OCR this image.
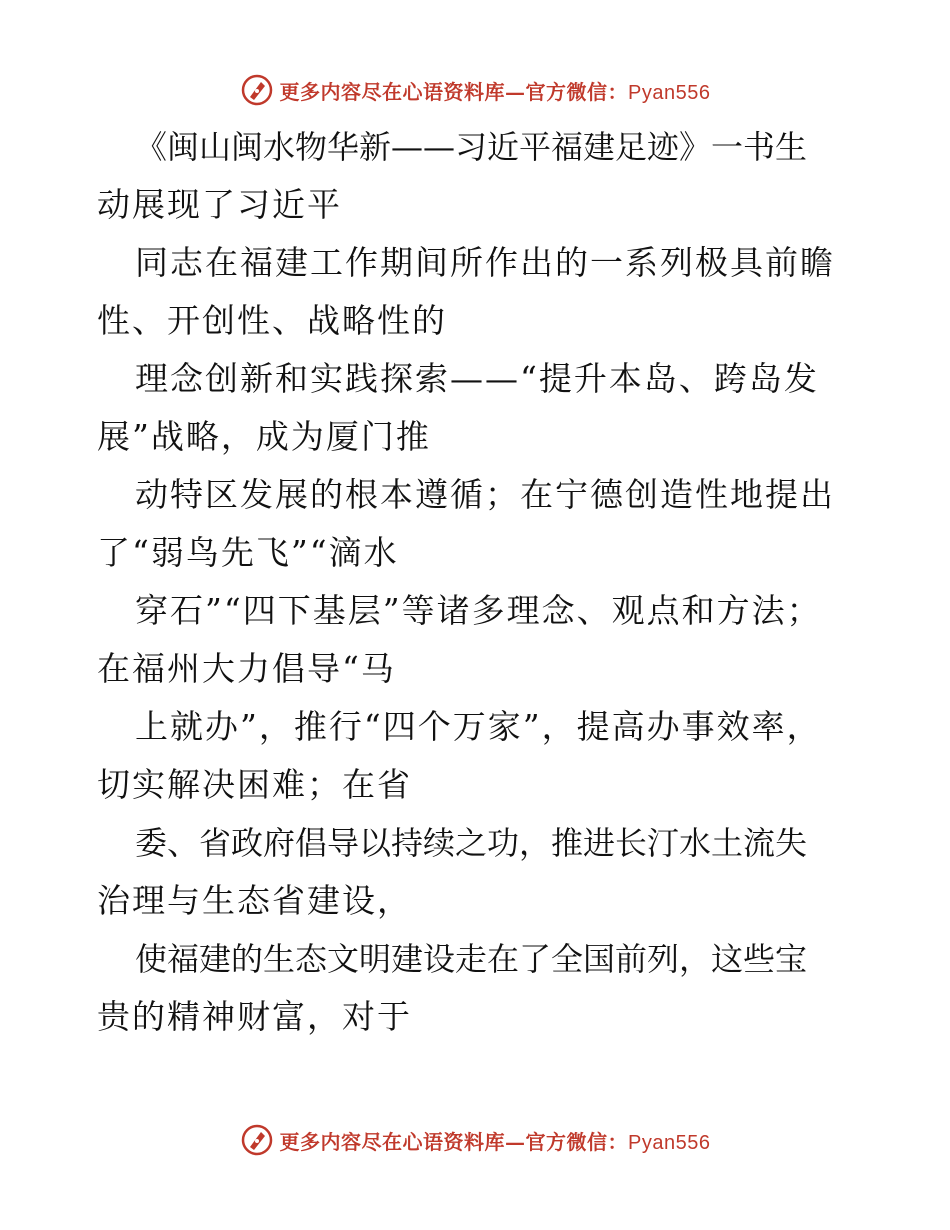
更多内容尽在心语资料库—官方微信：Pyan556
《闽山闽水物华新——习近平福建足迹》一书生
动展现了习近平
同志在福建工作期间所作出的一系列极具前瞻
性、开创性、战略性的
理念创新和实践探索——“提升本岛、跨岛发
展”战略，成为厦门推
动特区发展的根本遵循；在宁德创造性地提出
了“弱鸟先飞”“滴水
穿石”“四下基层”等诸多理念、观点和方法；
在福州大力倡导“马
上就办”，推行“四个万家”，提高办事效率，
切实解决困难；在省
委、省政府倡导以持续之功，推进长汀水土流失
治理与生态省建设，
使福建的生态文明建设走在了全国前列，这些宝
贵的精神财富，对于
更多内容尽在心语资料库—官方微信：Pyan556
